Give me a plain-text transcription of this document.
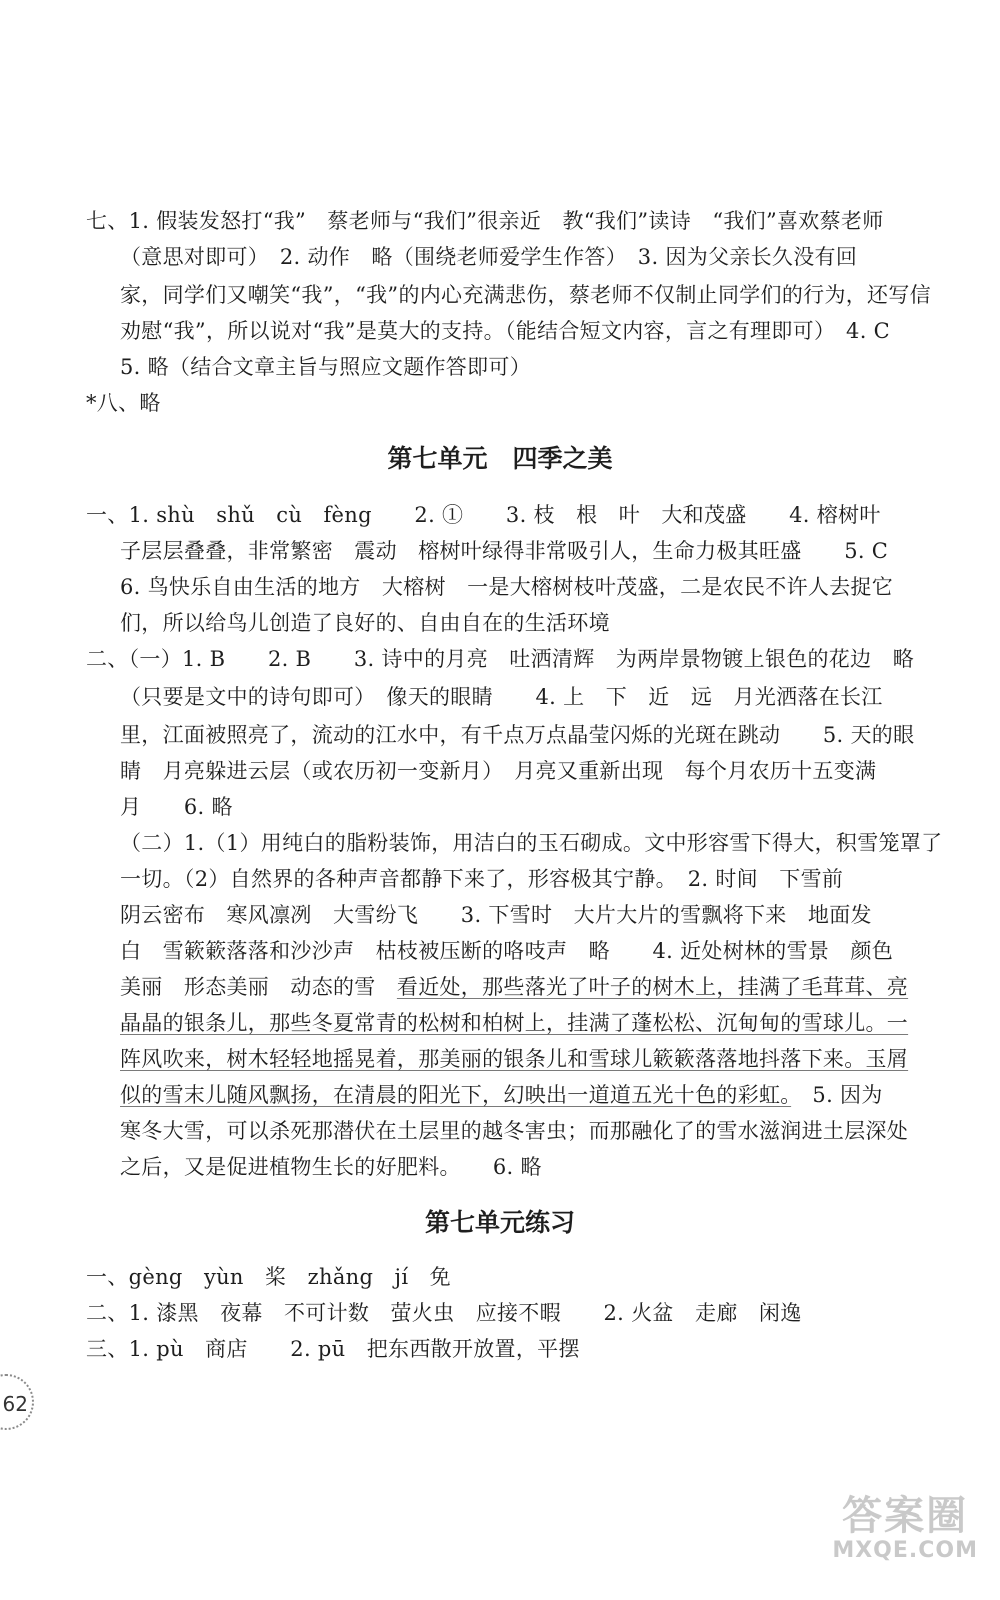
七、1. 假装发怒打“我”　蔡老师与“我们”很亲近　教“我们”读诗　“我们”喜欢蔡老师
（意思对即可）　2. 动作　略（围绕老师爱学生作答）　3. 因为父亲长久没有回
家，同学们又嘲笑“我”，“我”的内心充满悲伤，蔡老师不仅制止同学们的行为，还写信
劝慰“我”，所以说对“我”是莫大的支持。（能结合短文内容，言之有理即可）　4. C
5. 略（结合文章主旨与照应文题作答即可）
*八、略
第七单元　四季之美
一、1. shù　shǔ　cù　fèng　　2. ①　　3. 枝　根　叶　大和茂盛　　4. 榕树叶
子层层叠叠，非常繁密　震动　榕树叶绿得非常吸引人，生命力极其旺盛　　5. C
6. 鸟快乐自由生活的地方　大榕树　一是大榕树枝叶茂盛，二是农民不许人去捉它
们，所以给鸟儿创造了良好的、自由自在的生活环境
二、（一）1. B　　2. B　　3. 诗中的月亮　吐洒清辉　为两岸景物镀上银色的花边　略
（只要是文中的诗句即可）　像天的眼睛　　4. 上　下　近　远　月光洒落在长江
里，江面被照亮了，流动的江水中，有千点万点晶莹闪烁的光斑在跳动　　5. 天的眼
睛　月亮躲进云层（或农历初一变新月）　月亮又重新出现　每个月农历十五变满
月　　6. 略
（二）1.（1）用纯白的脂粉装饰，用洁白的玉石砌成。文中形容雪下得大，积雪笼罩了
一切。（2）自然界的各种声音都静下来了，形容极其宁静。　2. 时间　下雪前
阴云密布　寒风凛冽　大雪纷飞　　3. 下雪时　大片大片的雪飘将下来　地面发
白　雪簌簌落落和沙沙声　枯枝被压断的咯吱声　略　　4. 近处树林的雪景　颜色
美丽　形态美丽　动态的雪　看近处，那些落光了叶子的树木上，挂满了毛茸茸、亮
晶晶的银条儿，那些冬夏常青的松树和柏树上，挂满了蓬松松、沉甸甸的雪球儿。一
阵风吹来，树木轻轻地摇晃着，那美丽的银条儿和雪球儿簌簌落落地抖落下来。玉屑
似的雪末儿随风飘扬，在清晨的阳光下，幻映出一道道五光十色的彩虹。　5. 因为
寒冬大雪，可以杀死那潜伏在土层里的越冬害虫；而那融化了的雪水滋润进土层深处
之后，又是促进植物生长的好肥料。　　6. 略
第七单元练习
一、gèng　yùn　桨　zhǎng　jí　免
二、1. 漆黑　夜幕　不可计数　萤火虫　应接不暇　　2. 火盆　走廊　闲逸
三、1. pù　商店　　2. pū　把东西散开放置，平摆
62
答案圈
MXQE.COM
